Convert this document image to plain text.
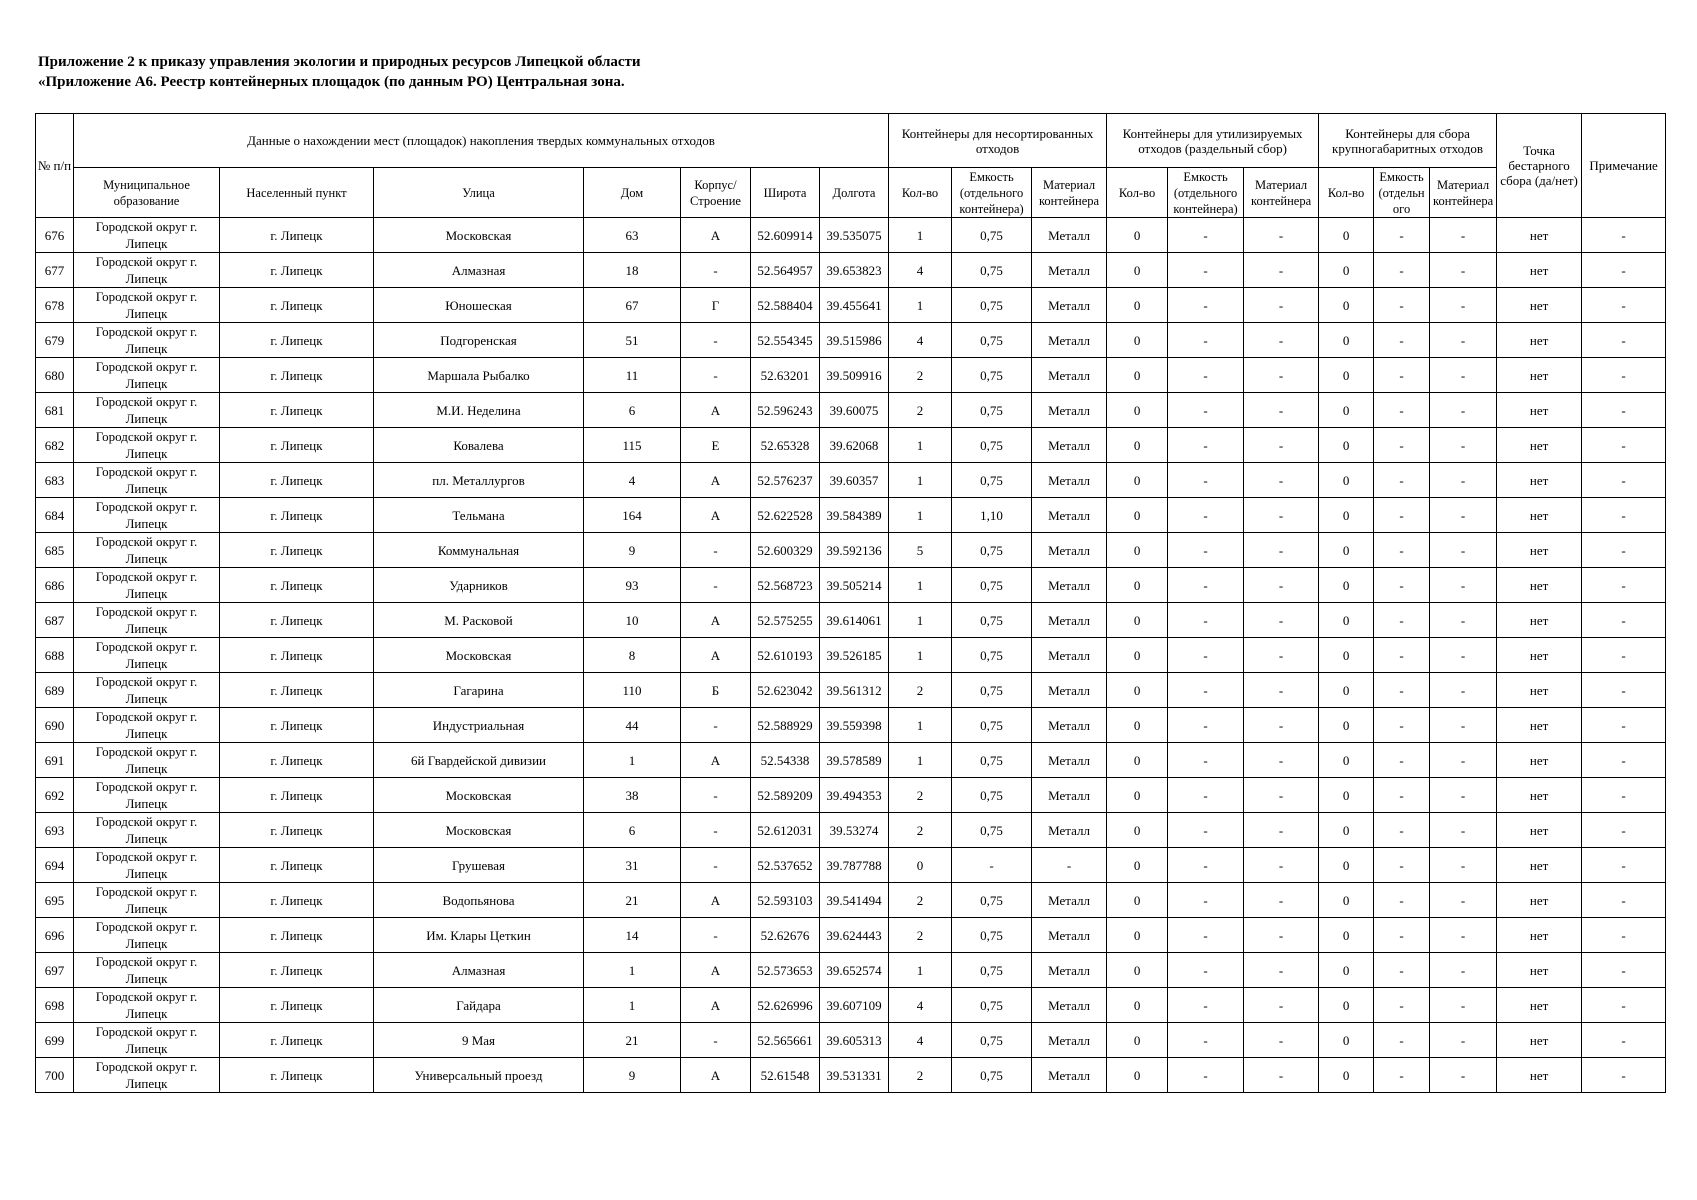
Приложение 2 к приказу управления экологии и природных ресурсов Липецкой области
«Приложение А6. Реестр контейнерных площадок (по данным РО) Центральная зона.
№ п/п	Данные о нахождении мест (площадок) накопления твердых коммунальных отходов							Контейнеры для несортированных отходов			Контейнеры для утилизируемых отходов (раздельный сбор)			Контейнеры для сбора крупногабаритных отходов			Точка бестарного сбора (да/нет)	Примечание
	Муниципальное образование	Населенный пункт	Улица	Дом	Корпус/ Строение	Широта	Долгота	Кол-во	Емкость (отдельного контейнера)	Материал контейнера	Кол-во	Емкость (отдельного контейнера)	Материал контейнера	Кол-во	Емкость (отдельн ого	Материал контейнера		
676	Городской округ г. Липецк	г. Липецк	Московская	63	А	52.609914	39.535075	1	0,75	Металл	0	-	-	0	-	-	нет	-
677	Городской округ г. Липецк	г. Липецк	Алмазная	18	-	52.564957	39.653823	4	0,75	Металл	0	-	-	0	-	-	нет	-
678	Городской округ г. Липецк	г. Липецк	Юношеская	67	Г	52.588404	39.455641	1	0,75	Металл	0	-	-	0	-	-	нет	-
679	Городской округ г. Липецк	г. Липецк	Подгоренская	51	-	52.554345	39.515986	4	0,75	Металл	0	-	-	0	-	-	нет	-
680	Городской округ г. Липецк	г. Липецк	Маршала Рыбалко	11	-	52.63201	39.509916	2	0,75	Металл	0	-	-	0	-	-	нет	-
681	Городской округ г. Липецк	г. Липецк	М.И. Неделина	6	А	52.596243	39.60075	2	0,75	Металл	0	-	-	0	-	-	нет	-
682	Городской округ г. Липецк	г. Липецк	Ковалева	115	Е	52.65328	39.62068	1	0,75	Металл	0	-	-	0	-	-	нет	-
683	Городской округ г. Липецк	г. Липецк	пл. Металлургов	4	А	52.576237	39.60357	1	0,75	Металл	0	-	-	0	-	-	нет	-
684	Городской округ г. Липецк	г. Липецк	Тельмана	164	А	52.622528	39.584389	1	1,10	Металл	0	-	-	0	-	-	нет	-
685	Городской округ г. Липецк	г. Липецк	Коммунальная	9	-	52.600329	39.592136	5	0,75	Металл	0	-	-	0	-	-	нет	-
686	Городской округ г. Липецк	г. Липецк	Ударников	93	-	52.568723	39.505214	1	0,75	Металл	0	-	-	0	-	-	нет	-
687	Городской округ г. Липецк	г. Липецк	М. Расковой	10	А	52.575255	39.614061	1	0,75	Металл	0	-	-	0	-	-	нет	-
688	Городской округ г. Липецк	г. Липецк	Московская	8	А	52.610193	39.526185	1	0,75	Металл	0	-	-	0	-	-	нет	-
689	Городской округ г. Липецк	г. Липецк	Гагарина	110	Б	52.623042	39.561312	2	0,75	Металл	0	-	-	0	-	-	нет	-
690	Городской округ г. Липецк	г. Липецк	Индустриальная	44	-	52.588929	39.559398	1	0,75	Металл	0	-	-	0	-	-	нет	-
691	Городской округ г. Липецк	г. Липецк	6й Гвардейской дивизии	1	А	52.54338	39.578589	1	0,75	Металл	0	-	-	0	-	-	нет	-
692	Городской округ г. Липецк	г. Липецк	Московская	38	-	52.589209	39.494353	2	0,75	Металл	0	-	-	0	-	-	нет	-
693	Городской округ г. Липецк	г. Липецк	Московская	6	-	52.612031	39.53274	2	0,75	Металл	0	-	-	0	-	-	нет	-
694	Городской округ г. Липецк	г. Липецк	Грушевая	31	-	52.537652	39.787788	0	-	-	0	-	-	0	-	-	нет	-
695	Городской округ г. Липецк	г. Липецк	Водопьянова	21	А	52.593103	39.541494	2	0,75	Металл	0	-	-	0	-	-	нет	-
696	Городской округ г. Липецк	г. Липецк	Им. Клары Цеткин	14	-	52.62676	39.624443	2	0,75	Металл	0	-	-	0	-	-	нет	-
697	Городской округ г. Липецк	г. Липецк	Алмазная	1	А	52.573653	39.652574	1	0,75	Металл	0	-	-	0	-	-	нет	-
698	Городской округ г. Липецк	г. Липецк	Гайдара	1	А	52.626996	39.607109	4	0,75	Металл	0	-	-	0	-	-	нет	-
699	Городской округ г. Липецк	г. Липецк	9 Мая	21	-	52.565661	39.605313	4	0,75	Металл	0	-	-	0	-	-	нет	-
700	Городской округ г. Липецк	г. Липецк	Универсальный проезд	9	А	52.61548	39.531331	2	0,75	Металл	0	-	-	0	-	-	нет	-
